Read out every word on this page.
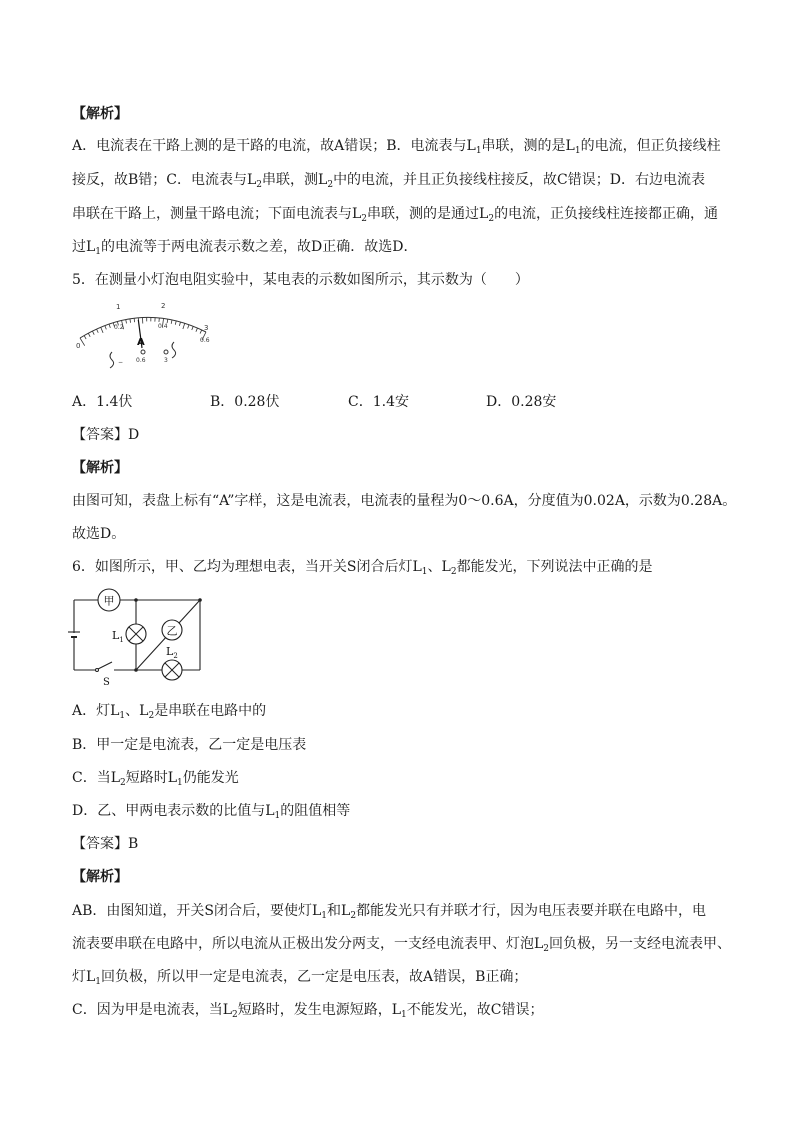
【解析】
A．电流表在干路上测的是干路的电流，故A错误；B．电流表与$L_1$串联，测的是$L_1$的电流，但正负接线柱
接反，故B错；C．电流表与$L_2$串联，测$L_2$中的电流，并且正负接线柱接反，故C错误；D．右边电流表
串联在干路上，测量干路电流；下面电流表与$L_2$串联，测的是通过$L_2$的电流，正负接线柱连接都正确，通
过$L_1$的电流等于两电流表示数之差，故D正确．故选D．
5．在测量小灯泡电阻实验中，某电表的示数如图所示，其示数为（　　）
0
1	2
3
0.2	0.4
0.6
A
− 0.6	3
A．1.4伏	B．0.28伏	C．1.4安	D．0.28安
【答案】D
【解析】
由图可知，表盘上标有“A”字样，这是电流表，电流表的量程为0～0.6A，分度值为0.02A，示数为0.28A。
故选D。
6．如图所示，甲、乙均为理想电表，当开关S闭合后灯$L_1$、$L_2$都能发光，下列说法中正确的是
甲
$L_1$
乙
$L_2$
S
A．灯$L_1$、$L_2$是串联在电路中的
B．甲一定是电流表，乙一定是电压表
C．当$L_2$短路时$L_1$仍能发光
D．乙、甲两电表示数的比值与$L_1$的阻值相等
【答案】B
【解析】
AB．由图知道，开关S闭合后，要使灯$L_1$和$L_2$都能发光只有并联才行，因为电压表要并联在电路中，电
流表要串联在电路中，所以电流从正极出发分两支，一支经电流表甲、灯泡$L_2$回负极，另一支经电流表甲、
灯$L_1$回负极，所以甲一定是电流表，乙一定是电压表，故A错误，B正确；
C．因为甲是电流表，当$L_2$短路时，发生电源短路，$L_1$不能发光，故C错误；
